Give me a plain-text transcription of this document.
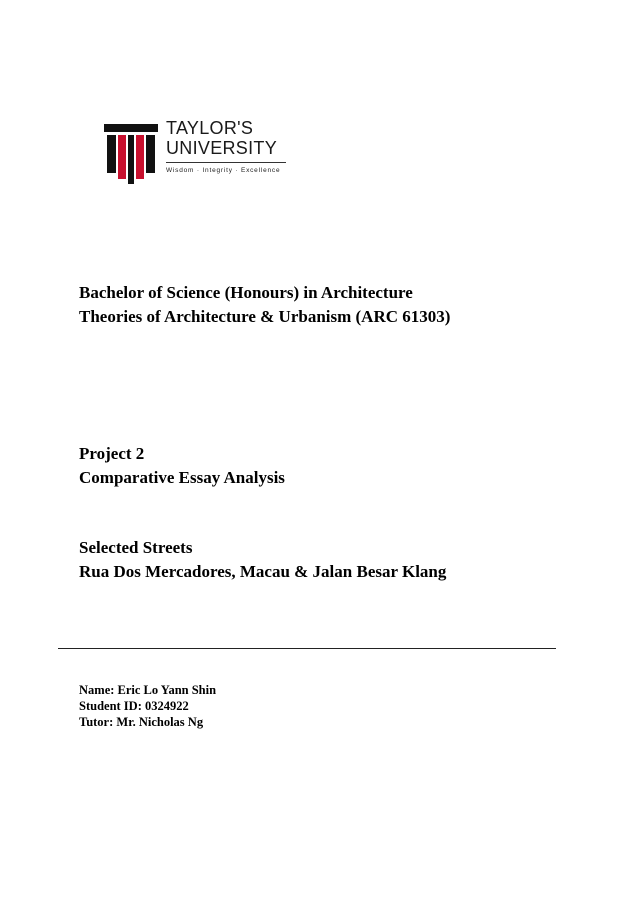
TAYLOR'S
UNIVERSITY
Wisdom · Integrity · Excellence
Bachelor of Science (Honours) in Architecture
Theories of Architecture & Urbanism (ARC 61303)
Project 2
Comparative Essay Analysis
Selected Streets
Rua Dos Mercadores, Macau & Jalan Besar Klang
Name: Eric Lo Yann Shin
Student ID: 0324922
Tutor: Mr. Nicholas Ng
